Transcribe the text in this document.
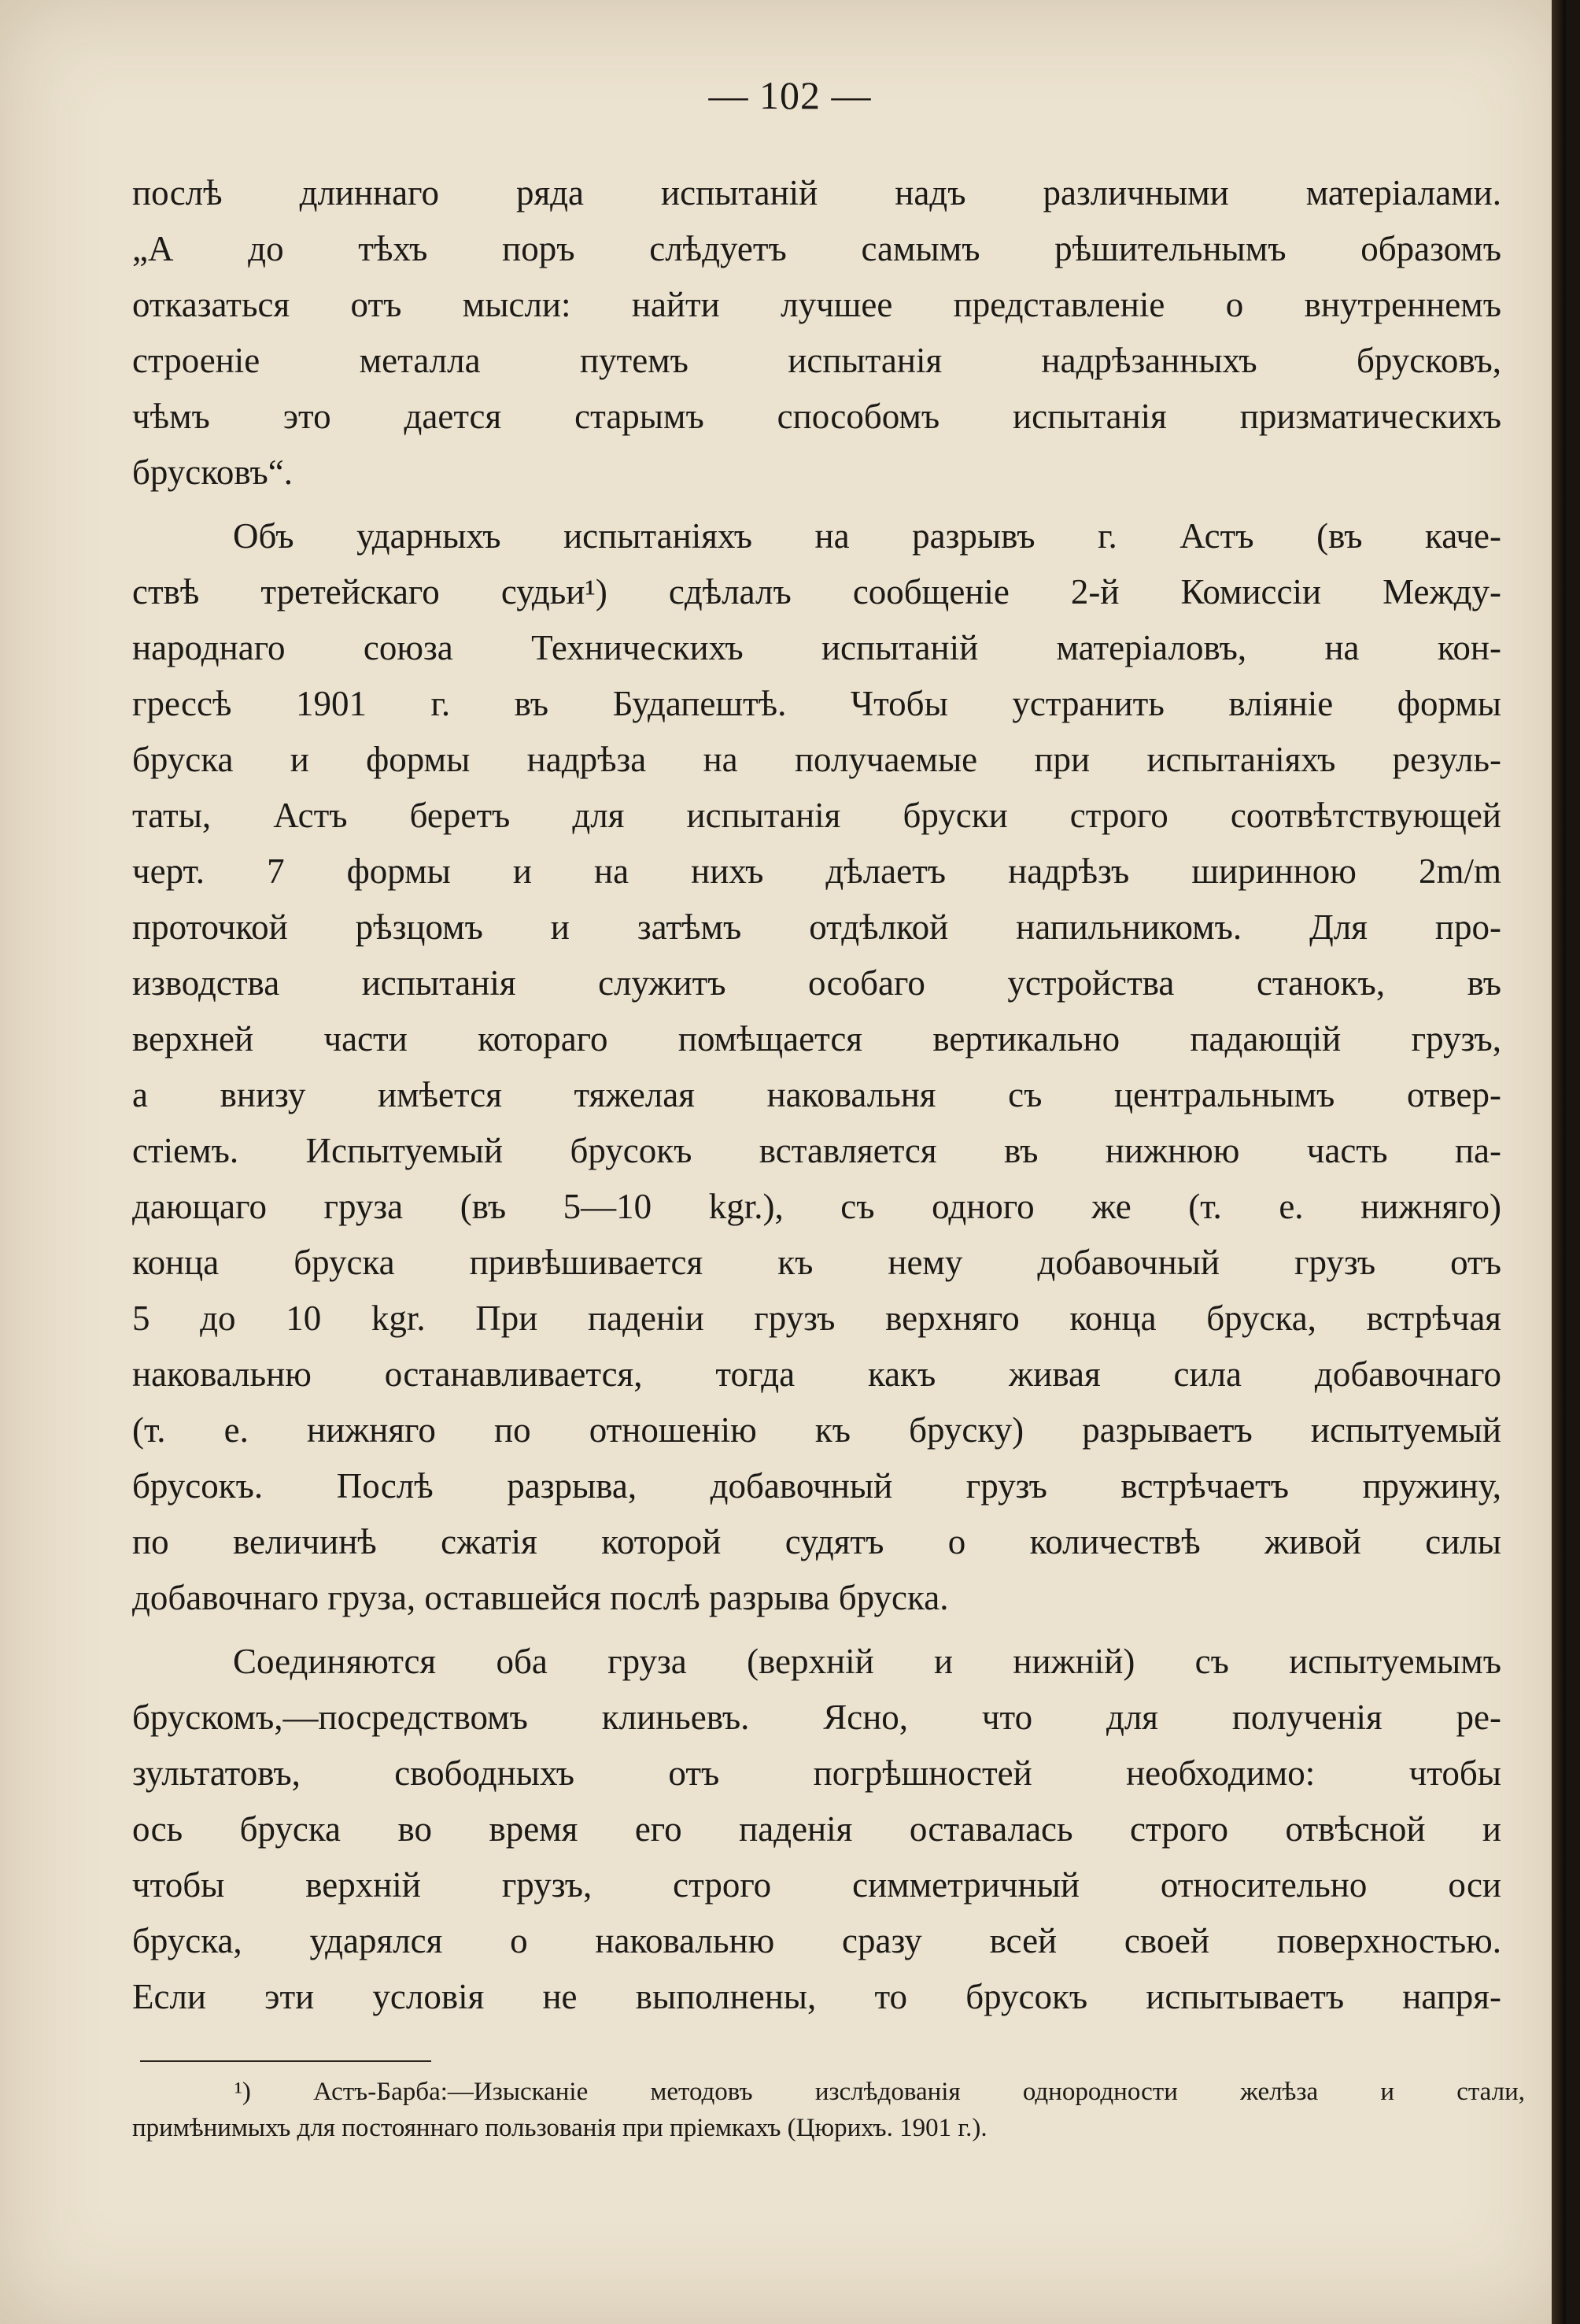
— 102 —
послѣ длиннаго ряда испытаній надъ различными матеріалами.
„А до тѣхъ поръ слѣдуетъ самымъ рѣшительнымъ образомъ
отказаться отъ мысли: найти лучшее представленіе о внутреннемъ
строеніе металла путемъ испытанія надрѣзанныхъ брусковъ,
чѣмъ это дается старымъ способомъ испытанія призматическихъ
брусковъ“.
Объ ударныхъ испытаніяхъ на разрывъ г. Астъ (въ каче-
ствѣ третейскаго судьи¹) сдѣлалъ сообщеніе 2-й Комиссіи Между-
народнаго союза Техническихъ испытаній матеріаловъ, на кон-
грессѣ 1901 г. въ Будапештѣ. Чтобы устранить вліяніе формы
бруска и формы надрѣза на получаемые при испытаніяхъ резуль-
таты, Астъ беретъ для испытанія бруски строго соотвѣтствующей
черт. 7 формы и на нихъ дѣлаетъ надрѣзъ ширинною 2m/m
проточкой рѣзцомъ и затѣмъ отдѣлкой напильникомъ. Для про-
изводства испытанія служитъ особаго устройства станокъ, въ
верхней части котораго помѣщается вертикально падающій грузъ,
а внизу имѣется тяжелая наковальня съ центральнымъ отвер-
стіемъ. Испытуемый брусокъ вставляется въ нижнюю часть па-
дающаго груза (въ 5—10 kgr.), съ одного же (т. е. нижняго)
конца бруска привѣшивается къ нему добавочный грузъ отъ
5 до 10 kgr. При паденіи грузъ верхняго конца бруска, встрѣчая
наковальню останавливается, тогда какъ живая сила добавочнаго
(т. е. нижняго по отношенію къ бруску) разрываетъ испытуемый
брусокъ. Послѣ разрыва, добавочный грузъ встрѣчаетъ пружину,
по величинѣ сжатія которой судятъ о количествѣ живой силы
добавочнаго груза, оставшейся послѣ разрыва бруска.
Соединяются оба груза (верхній и нижній) съ испытуемымъ
брускомъ,—посредствомъ клиньевъ. Ясно, что для полученія ре-
зультатовъ, свободныхъ отъ погрѣшностей необходимо: чтобы
ось бруска во время его паденія оставалась строго отвѣсной и
чтобы верхній грузъ, строго симметричный относительно оси
бруска, ударялся о наковальню сразу всей своей поверхностью.
Если эти условія не выполнены, то брусокъ испытываетъ напря-
¹) Астъ-Барба:—Изысканіе методовъ изслѣдованія однородности желѣза и стали,
примѣнимыхъ для постояннаго пользованія при пріемкахъ (Цюрихъ. 1901 г.).
